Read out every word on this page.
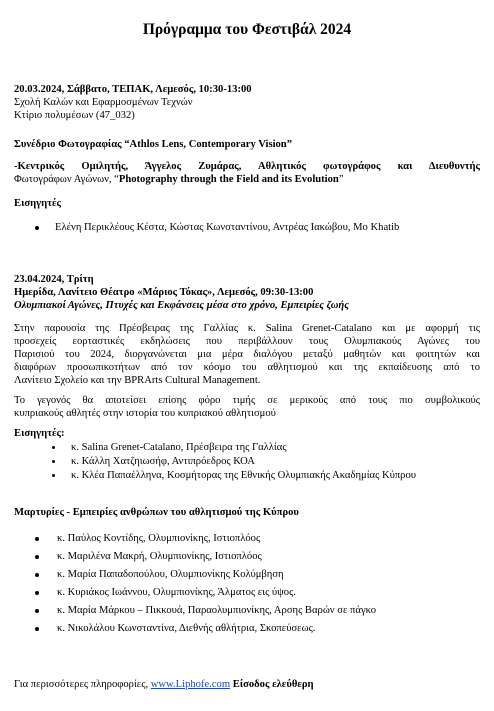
Πρόγραμμα του Φεστιβάλ 2024
20.03.2024, Σάββατο, ΤΕΠΑΚ, Λεμεσός, 10:30-13:00
Σχολή Καλών και Εφαρμοσμένων Τεχνών
Κτίριο πολυμέσων (47_032)
Συνέδριο Φωτογραφίας “Athlos Lens, Contemporary Vision”
-Κεντρικός Ομιλητής, Άγγελος Ζυμάρας, Αθλητικός φωτογράφος και Διευθυντής
Φωτογράφων Αγώνων, “Photography through the Field and its Evolution”
Εισηγητές
Ελένη Περικλέους Κέστα, Κώστας Κωνσταντίνου, Αντρέας Ιακώβου, Mo Khatib
23.04.2024, Τρίτη
Ημερίδα, Λανίτειο Θέατρο «Μάριος Τόκας», Λεμεσός, 09:30-13:00
Ολυμπιακοί Αγώνες, Πτυχές και Εκφάνσεις μέσα στο χρόνο, Εμπειρίες ζωής
Στην παρουσία της Πρέσβειρας της Γαλλίας κ. Salina Grenet-Catalano και με αφορμή τις
προσεχείς εορταστικές εκδηλώσεις που περιβάλλουν τους Ολυμπιακούς Αγώνες του
Παρισιού του 2024, διοργανώνεται μια μέρα διαλόγου μεταξύ μαθητών και φοιτητών και
διαφόρων προσωπικοτήτων από τον κόσμο του αθλητισμού και της εκπαίδευσης από το
Λανίτειο Σχολείο και την BPRArts Cultural Management.
Το γεγονός θα αποτείσει επίσης φόρο τιμής σε μερικούς από τους πιο συμβολικούς
κυπριακούς αθλητές στην ιστορία του κυπριακού αθλητισμού
Εισηγητές:
κ. Salina Grenet-Catalano, Πρέσβειρα της Γαλλίας
κ. Κάλλη Χατζηιωσήφ, Αντιπρόεδρος ΚΟΑ
κ. Κλέα Παπαέλληνα, Κοσμήτορας της Εθνικής Ολυμπιακής Ακαδημίας Κύπρου
Μαρτυρίες - Εμπειρίες ανθρώπων του αθλητισμού της Κύπρου
κ. Παύλος Κοντίδης, Ολυμπιονίκης, Ιστιοπλόος
κ. Μαριλένα Μακρή, Ολυμπιονίκης, Ιστιοπλόος
κ. Μαρία Παπαδοπούλου, Ολυμπιονίκης Κολύμβηση
κ. Κυριάκος Ιωάννου, Ολυμπιονίκης, Άλματος εις ύψος.
κ. Μαρία Μάρκου – Πικκουά, Παραολυμπιονίκης, Αρσης Βαρών σε πάγκο
κ. Νικολάλου Κωνσταντίνα, Διεθνής αθλήτρια, Σκοπεύσεως.
Για περισσότερες πληροφορίες, www.Liphofe.com Είσοδος ελεύθερη
